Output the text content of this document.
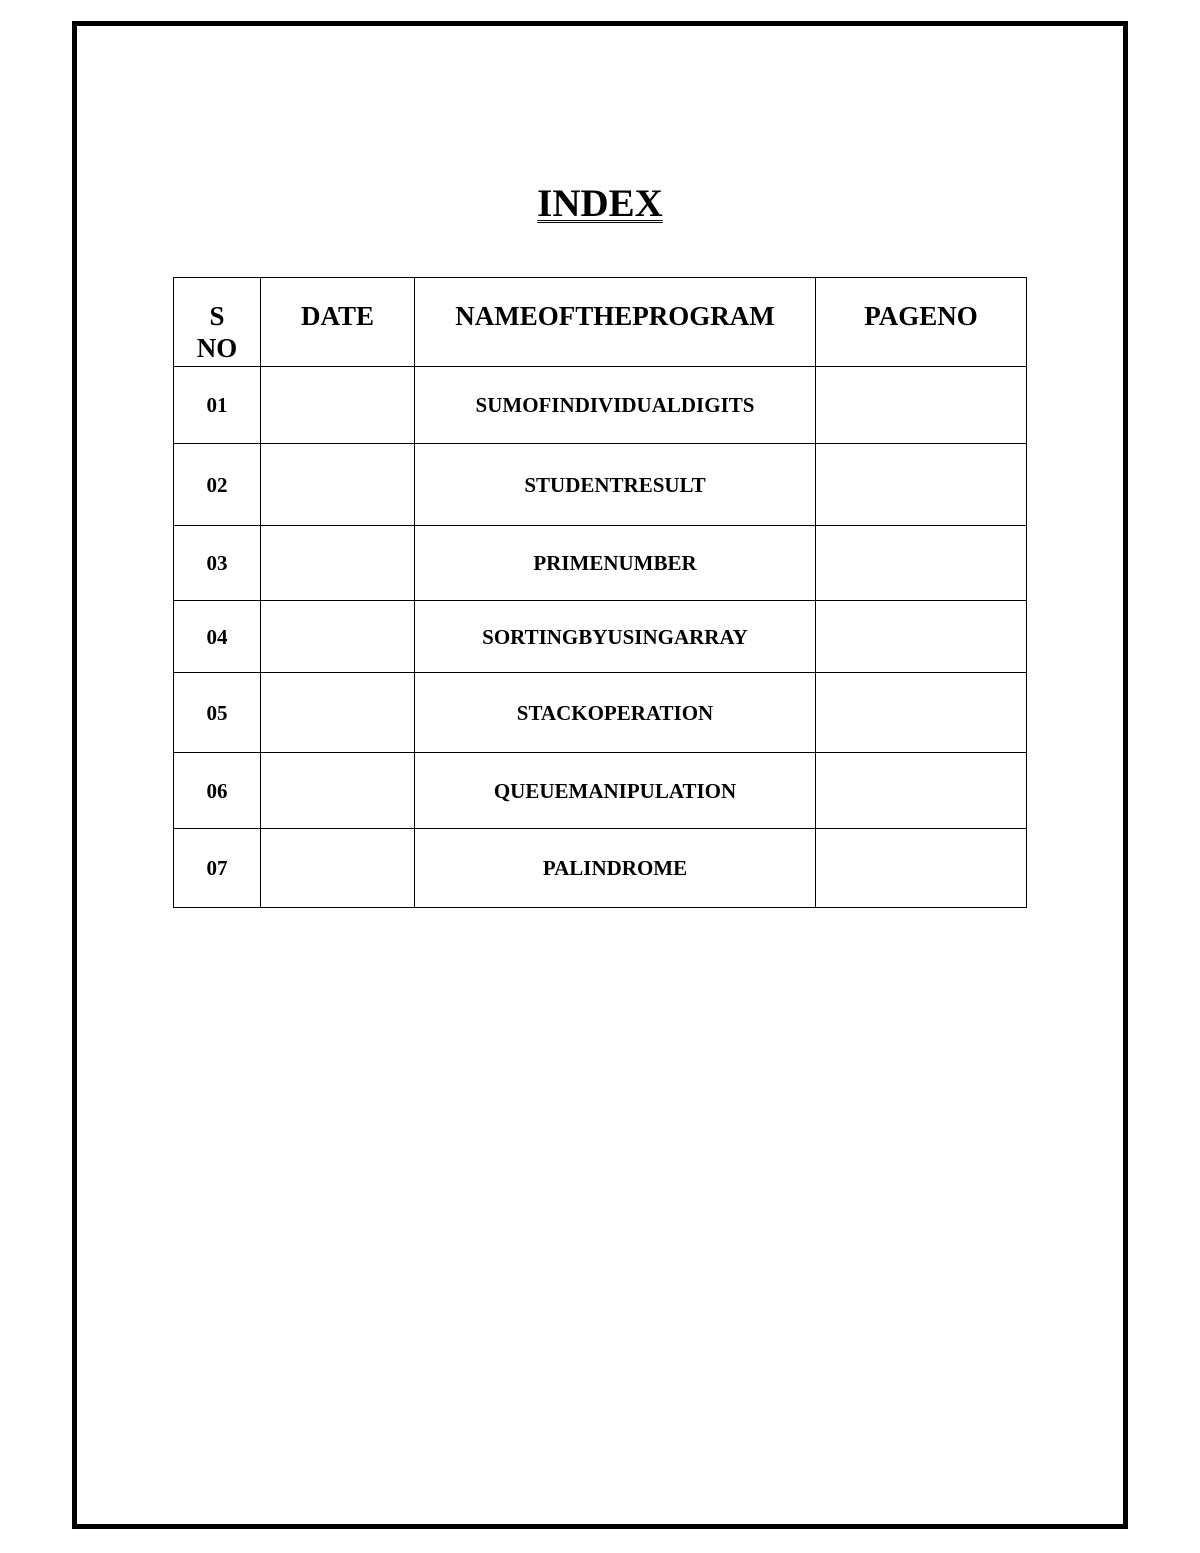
INDEX
S
NO	DATE	NAMEOFTHEPROGRAM	PAGENO
01		SUMOFINDIVIDUALDIGITS	
02		STUDENTRESULT	
03		PRIMENUMBER	
04		SORTINGBYUSINGARRAY	
05		STACKOPERATION	
06		QUEUEMANIPULATION	
07		PALINDROME	
